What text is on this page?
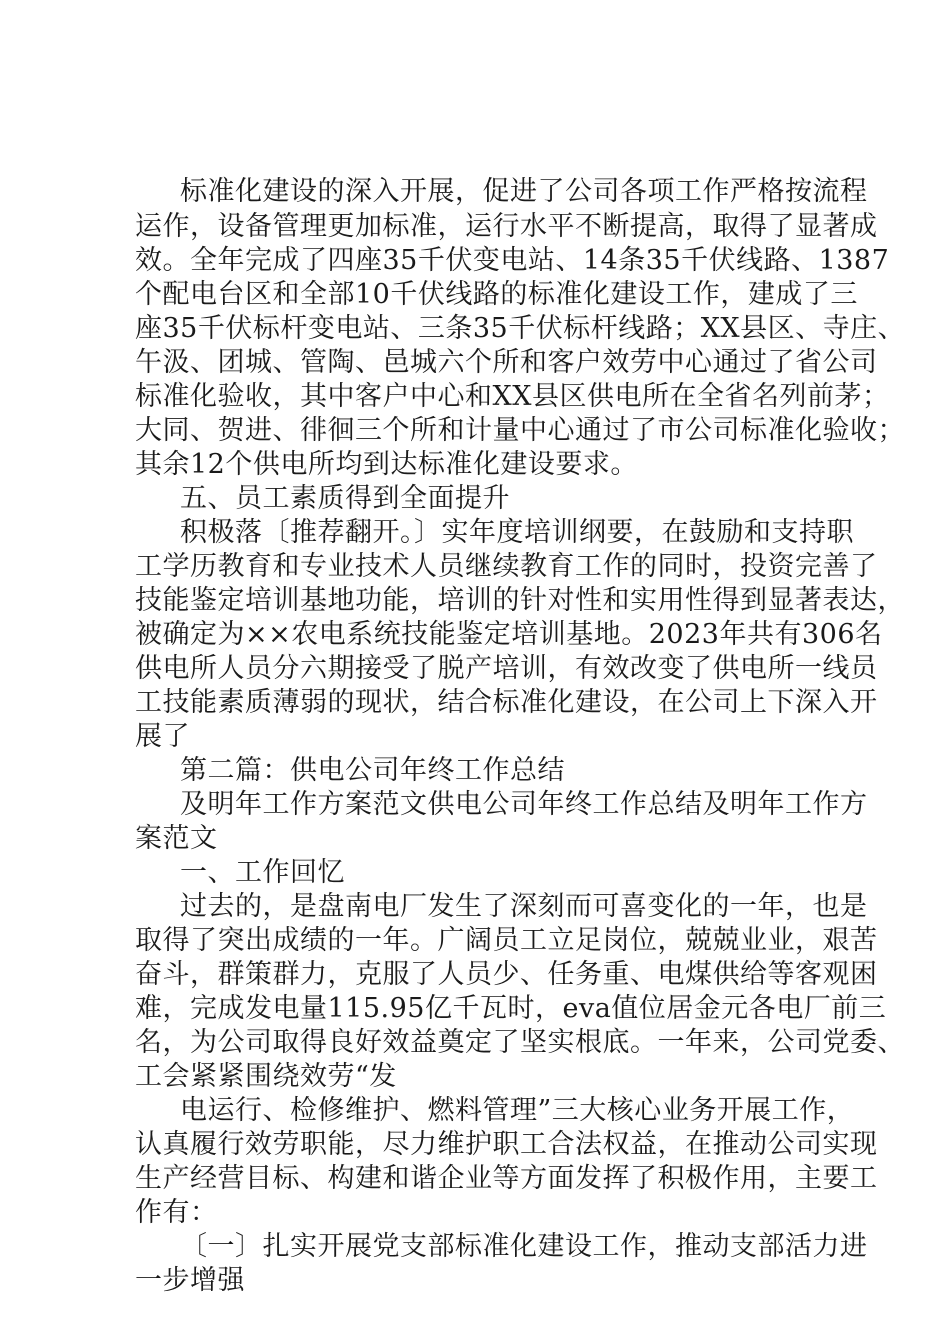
标准化建设的深入开展，促进了公司各项工作严格按流程
运作，设备管理更加标准，运行水平不断提高，取得了显著成
效。全年完成了四座35千伏变电站、14条35千伏线路、1387
个配电台区和全部10千伏线路的标准化建设工作，建成了三
座35千伏标杆变电站、三条35千伏标杆线路；XX县区、寺庄、
午汲、团城、管陶、邑城六个所和客户效劳中心通过了省公司
标准化验收，其中客户中心和XX县区供电所在全省名列前茅；
大同、贺进、徘徊三个所和计量中心通过了市公司标准化验收；
其余12个供电所均到达标准化建设要求。
五、员工素质得到全面提升
积极落〔推荐翻开。〕实年度培训纲要，在鼓励和支持职
工学历教育和专业技术人员继续教育工作的同时，投资完善了
技能鉴定培训基地功能，培训的针对性和实用性得到显著表达，
被确定为××农电系统技能鉴定培训基地。2023年共有306名
供电所人员分六期接受了脱产培训，有效改变了供电所一线员
工技能素质薄弱的现状，结合标准化建设，在公司上下深入开
展了
第二篇：供电公司年终工作总结
及明年工作方案范文供电公司年终工作总结及明年工作方
案范文
一、工作回忆
过去的，是盘南电厂发生了深刻而可喜变化的一年，也是
取得了突出成绩的一年。广阔员工立足岗位，兢兢业业，艰苦
奋斗，群策群力，克服了人员少、任务重、电煤供给等客观困
难，完成发电量115.95亿千瓦时，eva值位居金元各电厂前三
名，为公司取得良好效益奠定了坚实根底。一年来，公司党委、
工会紧紧围绕效劳“发
电运行、检修维护、燃料管理”三大核心业务开展工作，
认真履行效劳职能，尽力维护职工合法权益，在推动公司实现
生产经营目标、构建和谐企业等方面发挥了积极作用，主要工
作有：
〔一〕扎实开展党支部标准化建设工作，推动支部活力进
一步增强
